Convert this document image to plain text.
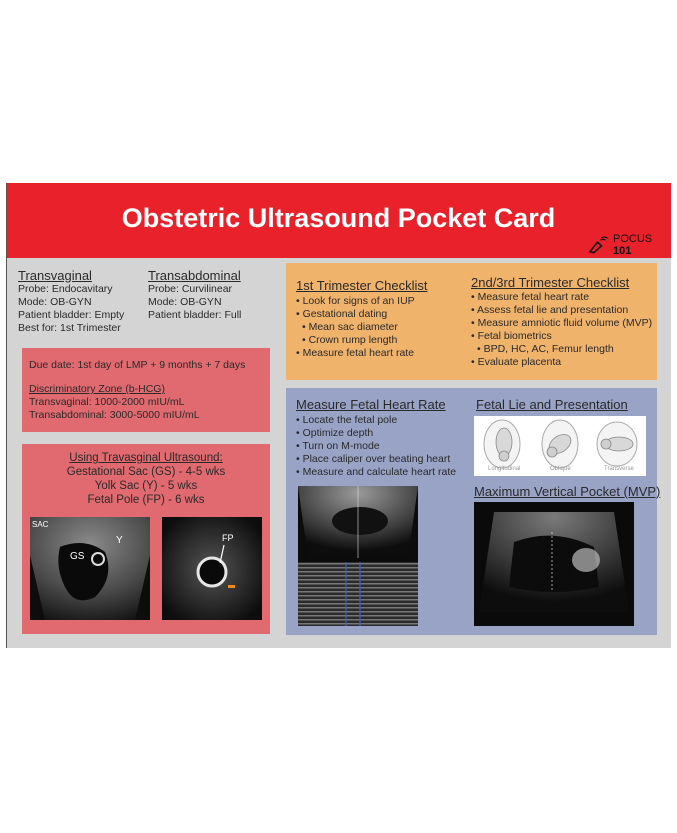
Obstetric Ultrasound Pocket Card
POCUS 101
Transvaginal
Probe: Endocavitary
Mode: OB-GYN
Patient bladder: Empty
Best for: 1st Trimester
Transabdominal
Probe: Curvilinear
Mode: OB-GYN
Patient bladder: Full
Due date: 1st day of LMP + 9 months + 7 days
Discriminatory Zone (b-HCG)
Transvaginal: 1000-2000 mIU/mL
Transabdominal: 3000-5000 mIU/mL
Using Travasginal Ultrasound:
Gestational Sac (GS) - 4-5 wks
Yolk Sac (Y) - 5 wks
Fetal Pole (FP) - 6 wks
SAC
GS
Y	FP
1st Trimester Checklist
• Look for signs of an IUP
• Gestational dating
• Mean sac diameter
• Crown rump length
• Measure fetal heart rate
2nd/3rd Trimester Checklist
• Measure fetal heart rate
• Assess fetal lie and presentation
• Measure amniotic fluid volume (MVP)
• Fetal biometrics
• BPD, HC, AC, Femur length
• Evaluate placenta
Measure Fetal Heart Rate
• Locate the fetal pole
• Optimize depth
• Turn on M-mode
• Place caliper over beating heart
• Measure and calculate heart rate
Fetal Lie and Presentation
Longitudinal	Oblique	Transverse
Maximum Vertical Pocket (MVP)
